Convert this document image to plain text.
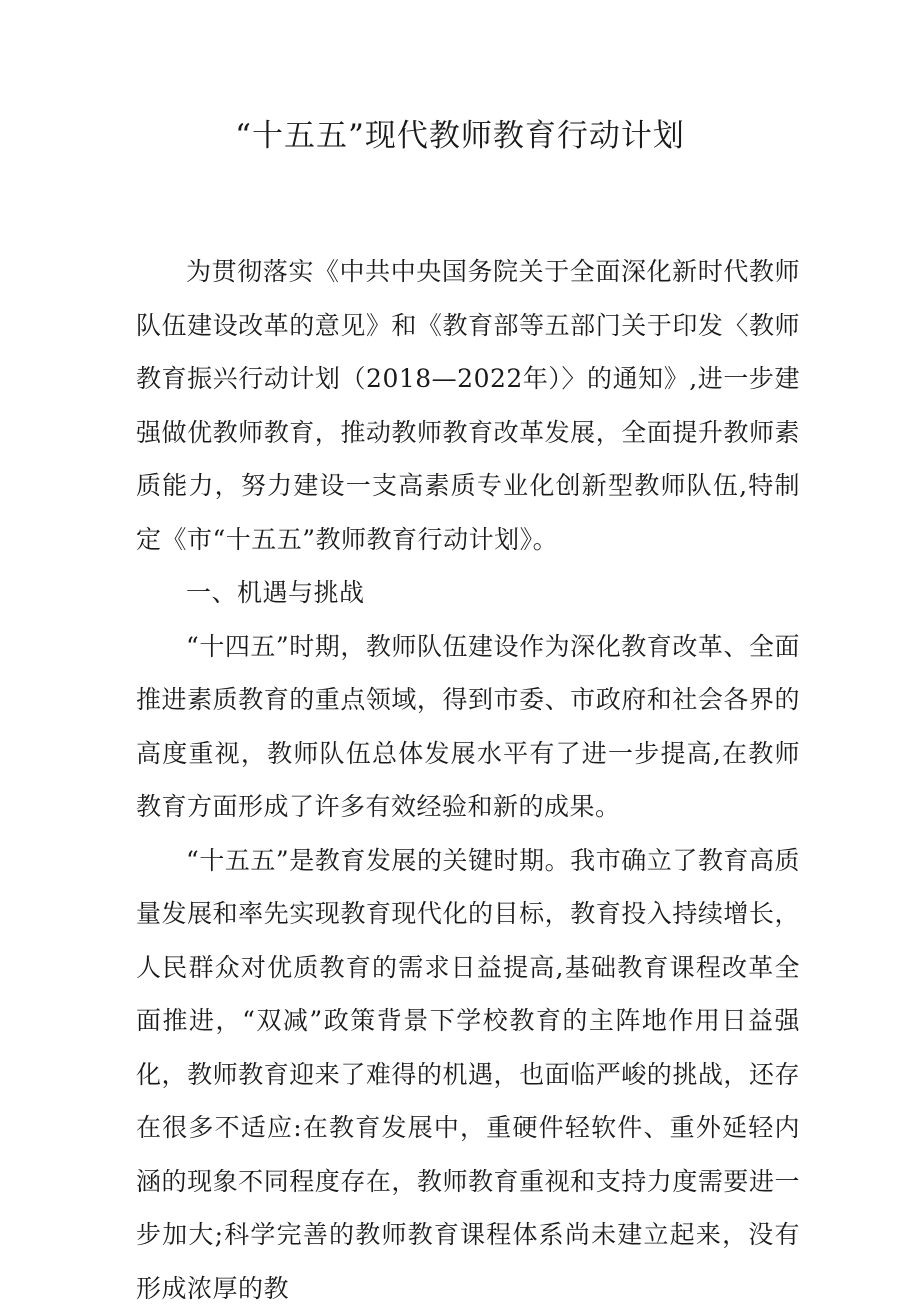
“十五五”现代教师教育行动计划

为贯彻落实《中共中央国务院关于全面深化新时代教师队伍建设改革的意见》和《教育部等五部门关于印发〈教师教育振兴行动计划（2018—2022年）〉的通知》,进一步建强做优教师教育，推动教师教育改革发展，全面提升教师素质能力，努力建设一支高素质专业化创新型教师队伍,特制定《市“十五五”教师教育行动计划》。

一、机遇与挑战

“十四五”时期，教师队伍建设作为深化教育改革、全面推进素质教育的重点领域，得到市委、市政府和社会各界的高度重视，教师队伍总体发展水平有了进一步提高,在教师教育方面形成了许多有效经验和新的成果。

“十五五”是教育发展的关键时期。我市确立了教育高质量发展和率先实现教育现代化的目标，教育投入持续增长，人民群众对优质教育的需求日益提高,基础教育课程改革全面推进，“双减”政策背景下学校教育的主阵地作用日益强化，教师教育迎来了难得的机遇，也面临严峻的挑战，还存在很多不适应:在教育发展中，重硬件轻软件、重外延轻内涵的现象不同程度存在，教师教育重视和支持力度需要进一步加大;科学完善的教师教育课程体系尚未建立起来，没有形成浓厚的教
